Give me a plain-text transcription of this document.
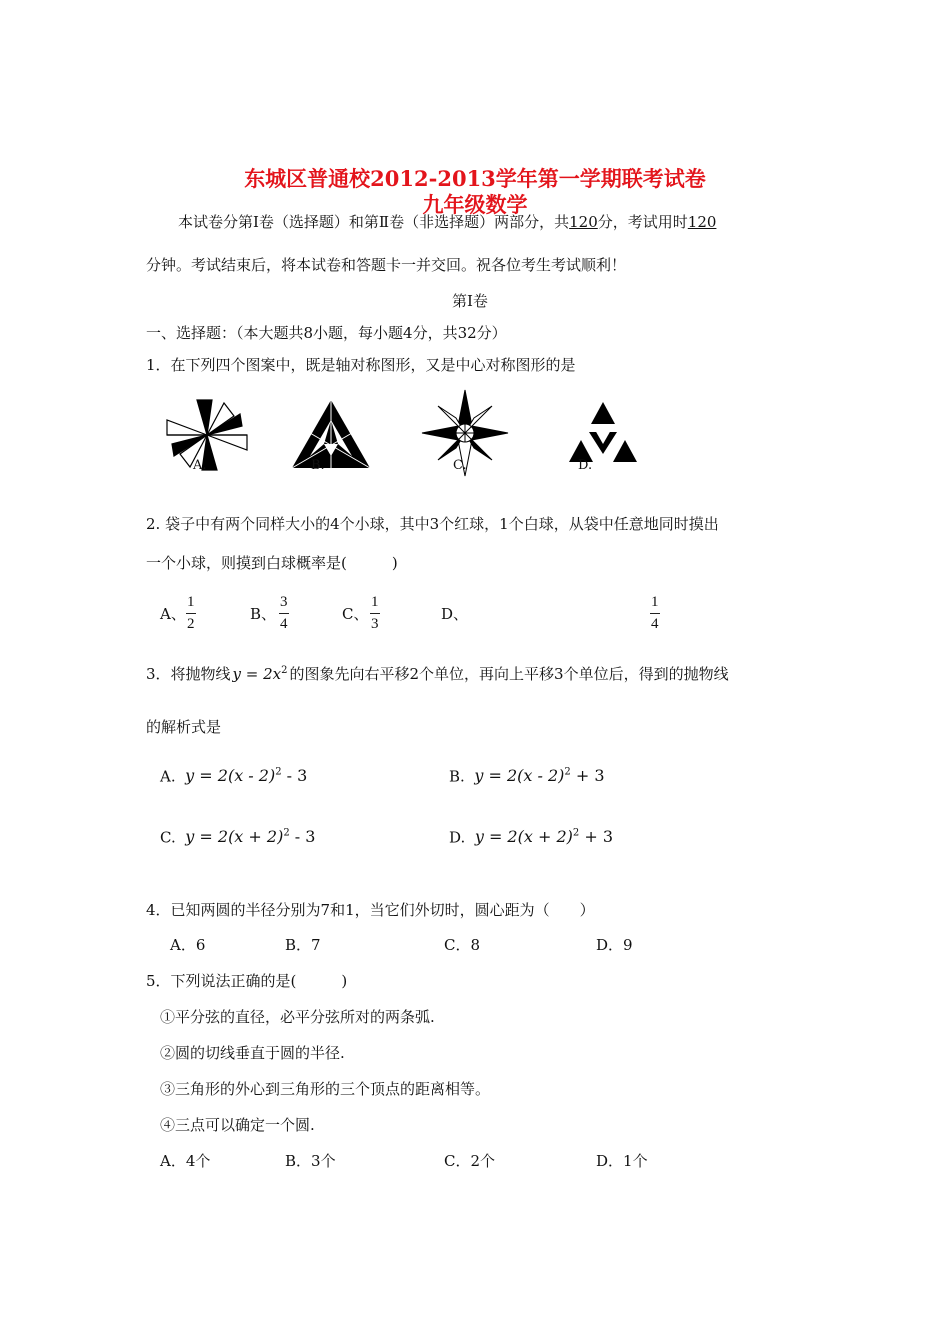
东城区普通校2012-2013学年第一学期联考试卷
九年级数学
本试卷分第Ⅰ卷（选择题）和第Ⅱ卷（非选择题）两部分，共120分，考试用时120
分钟。考试结束后，将本试卷和答题卡一并交回。祝各位考生考试顺利！
第Ⅰ卷
一、选择题：（本大题共8小题，每小题4分，共32分）
1．在下列四个图案中，既是轴对称图形，又是中心对称图形的是
A.	B.	C.	D.
2. 袋子中有两个同样大小的4个小球，其中3个红球，1个白球，从袋中任意地同时摸出
一个小球，则摸到白球概率是(　　　)
A、
1
2
B、
3
4
C、
1
3
D、
1
4
3．将抛物线 $y = 2x^2$ 的图象先向右平移2个单位，再向上平移3个单位后，得到的抛物线
的解析式是
A. y = 2(x - 2)$^2$ - 3	B. y = 2(x - 2)$^2$ + 3
C. $y = 2(x + 2)^2 - 3$	D. $y = 2(x + 2)^2 + 3$
4．已知两圆的半径分别为7和1，当它们外切时，圆心距为（　　）
A．6	B．7	C．8	D．9
5．下列说法正确的是(　　　)
①平分弦的直径，必平分弦所对的两条弧.
②圆的切线垂直于圆的半径.
③三角形的外心到三角形的三个顶点的距离相等。
④三点可以确定一个圆.
A．4个	B．3个	C．2个	D．1个
